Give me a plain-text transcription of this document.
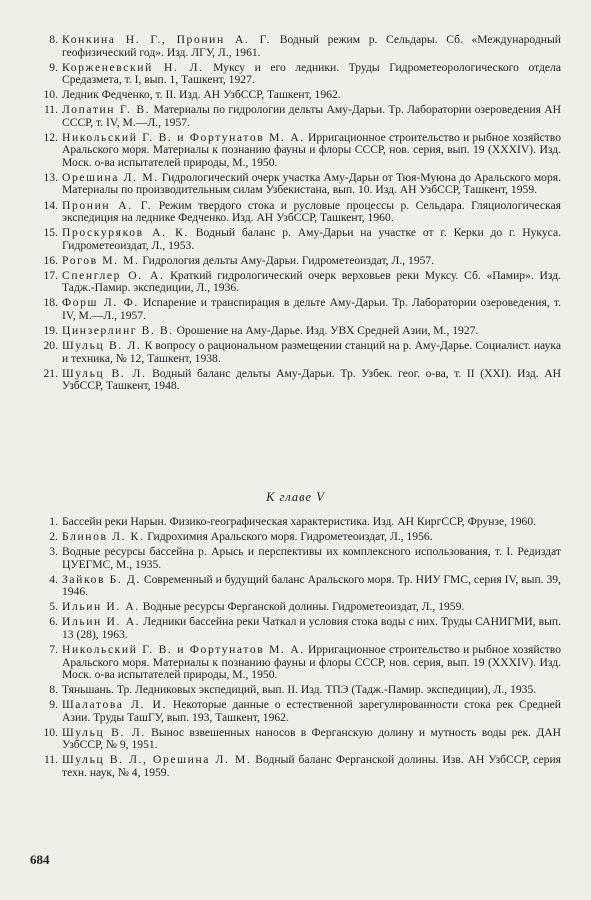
8. Конкина Н. Г., Пронин А. Г. Водный режим р. Сельдары. Сб. «Международный геофизический год». Изд. ЛГУ, Л., 1961.
9. Корженевский Н. Л. Муксу и его ледники. Труды Гидрометеорологического отдела Средазмета, т. I, вып. 1, Ташкент, 1927.
10. Ледник Федченко, т. II. Изд. АН УзбССР, Ташкент, 1962.
11. Лопатин Г. В. Материалы по гидрологии дельты Аму-Дарьи. Тр. Лаборатории озероведения АН СССР, т. IV, М.—Л., 1957.
12. Никольский Г. В. и Фортунатов М. А. Ирригационное строительство и рыбное хозяйство Аральского моря. Материалы к познанию фауны и флоры СССР, нов. серия, вып. 19 (XXXIV). Изд. Моск. о-ва испытателей природы, М., 1950.
13. Орешина Л. М. Гидрологический очерк участка Аму-Дарьи от Тюя-Муюна до Аральского моря. Материалы по производительным силам Узбекистана, вып. 10. Изд. АН УзбССР, Ташкент, 1959.
14. Пронин А. Г. Режим твердого стока и русловые процессы р. Сельдара. Гляциологическая экспедиция на леднике Федченко. Изд. АН УзбССР, Ташкент, 1960.
15. Проскуряков А. К. Водный баланс р. Аму-Дарьи на участке от г. Керки до г. Нукуса. Гидрометеоиздат, Л., 1953.
16. Рогов М. М. Гидрология дельты Аму-Дарьи. Гидрометеоиздат, Л., 1957.
17. Спенглер О. А. Краткий гидрологический очерк верховьев реки Муксу. Сб. «Памир». Изд. Тадж.-Памир. экспедиции, Л., 1936.
18. Форш Л. Ф. Испарение и транспирация в дельте Аму-Дарьи. Тр. Лаборатории озероведения, т. IV, М.—Л., 1957.
19. Цинзерлинг В. В. Орошение на Аму-Дарье. Изд. УВХ Средней Азии, М., 1927.
20. Шульц В. Л. К вопросу о рациональном размещении станций на р. Аму-Дарье. Социалист. наука и техника, № 12, Ташкент, 1938.
21. Шульц В. Л. Водный баланс дельты Аму-Дарьи. Тр. Узбек. геог. о-ва, т. II (XXI). Изд. АН УзбССР, Ташкент, 1948.
К главе V
1. Бассейн реки Нарын. Физико-географическая характеристика. Изд. АН КиргССР, Фрунзе, 1960.
2. Блинов Л. К. Гидрохимия Аральского моря. Гидрометеоиздат, Л., 1956.
3. Водные ресурсы бассейна р. Арысь и перспективы их комплексного использования, т. I. Редиздат ЦУЕГМС, М., 1935.
4. Зайков Б. Д. Современный и будущий баланс Аральского моря. Тр. НИУ ГМС, серия IV, вып. 39, 1946.
5. Ильин И. А. Водные ресурсы Ферганской долины. Гидрометеоиздат, Л., 1959.
6. Ильин И. А. Ледники бассейна реки Чаткал и условия стока воды с них. Труды САНИГМИ, вып. 13 (28), 1963.
7. Никольский Г. В. и Фортунатов М. А. Ирригационное строительство и рыбное хозяйство Аральского моря. Материалы к познанию фауны и флоры СССР, нов. серия, вып. 19 (XXXIV). Изд. Моск. о-ва испытателей природы, М., 1950.
8. Тяньшань. Тр. Ледниковых экспедиций, вып. II. Изд. ТПЭ (Тадж.-Памир. экспедиции), Л., 1935.
9. Шалатова Л. И. Некоторые данные о естественной зарегулированности стока рек Средней Азии. Труды ТашГУ, вып. 193, Ташкент, 1962.
10. Шульц В. Л. Вынос взвешенных наносов в Ферганскую долину и мутность воды рек. ДАН УзбССР, № 9, 1951.
11. Шульц В. Л., Орешина Л. М. Водный баланс Ферганской долины. Изв. АН УзбССР, серия техн. наук, № 4, 1959.
684
